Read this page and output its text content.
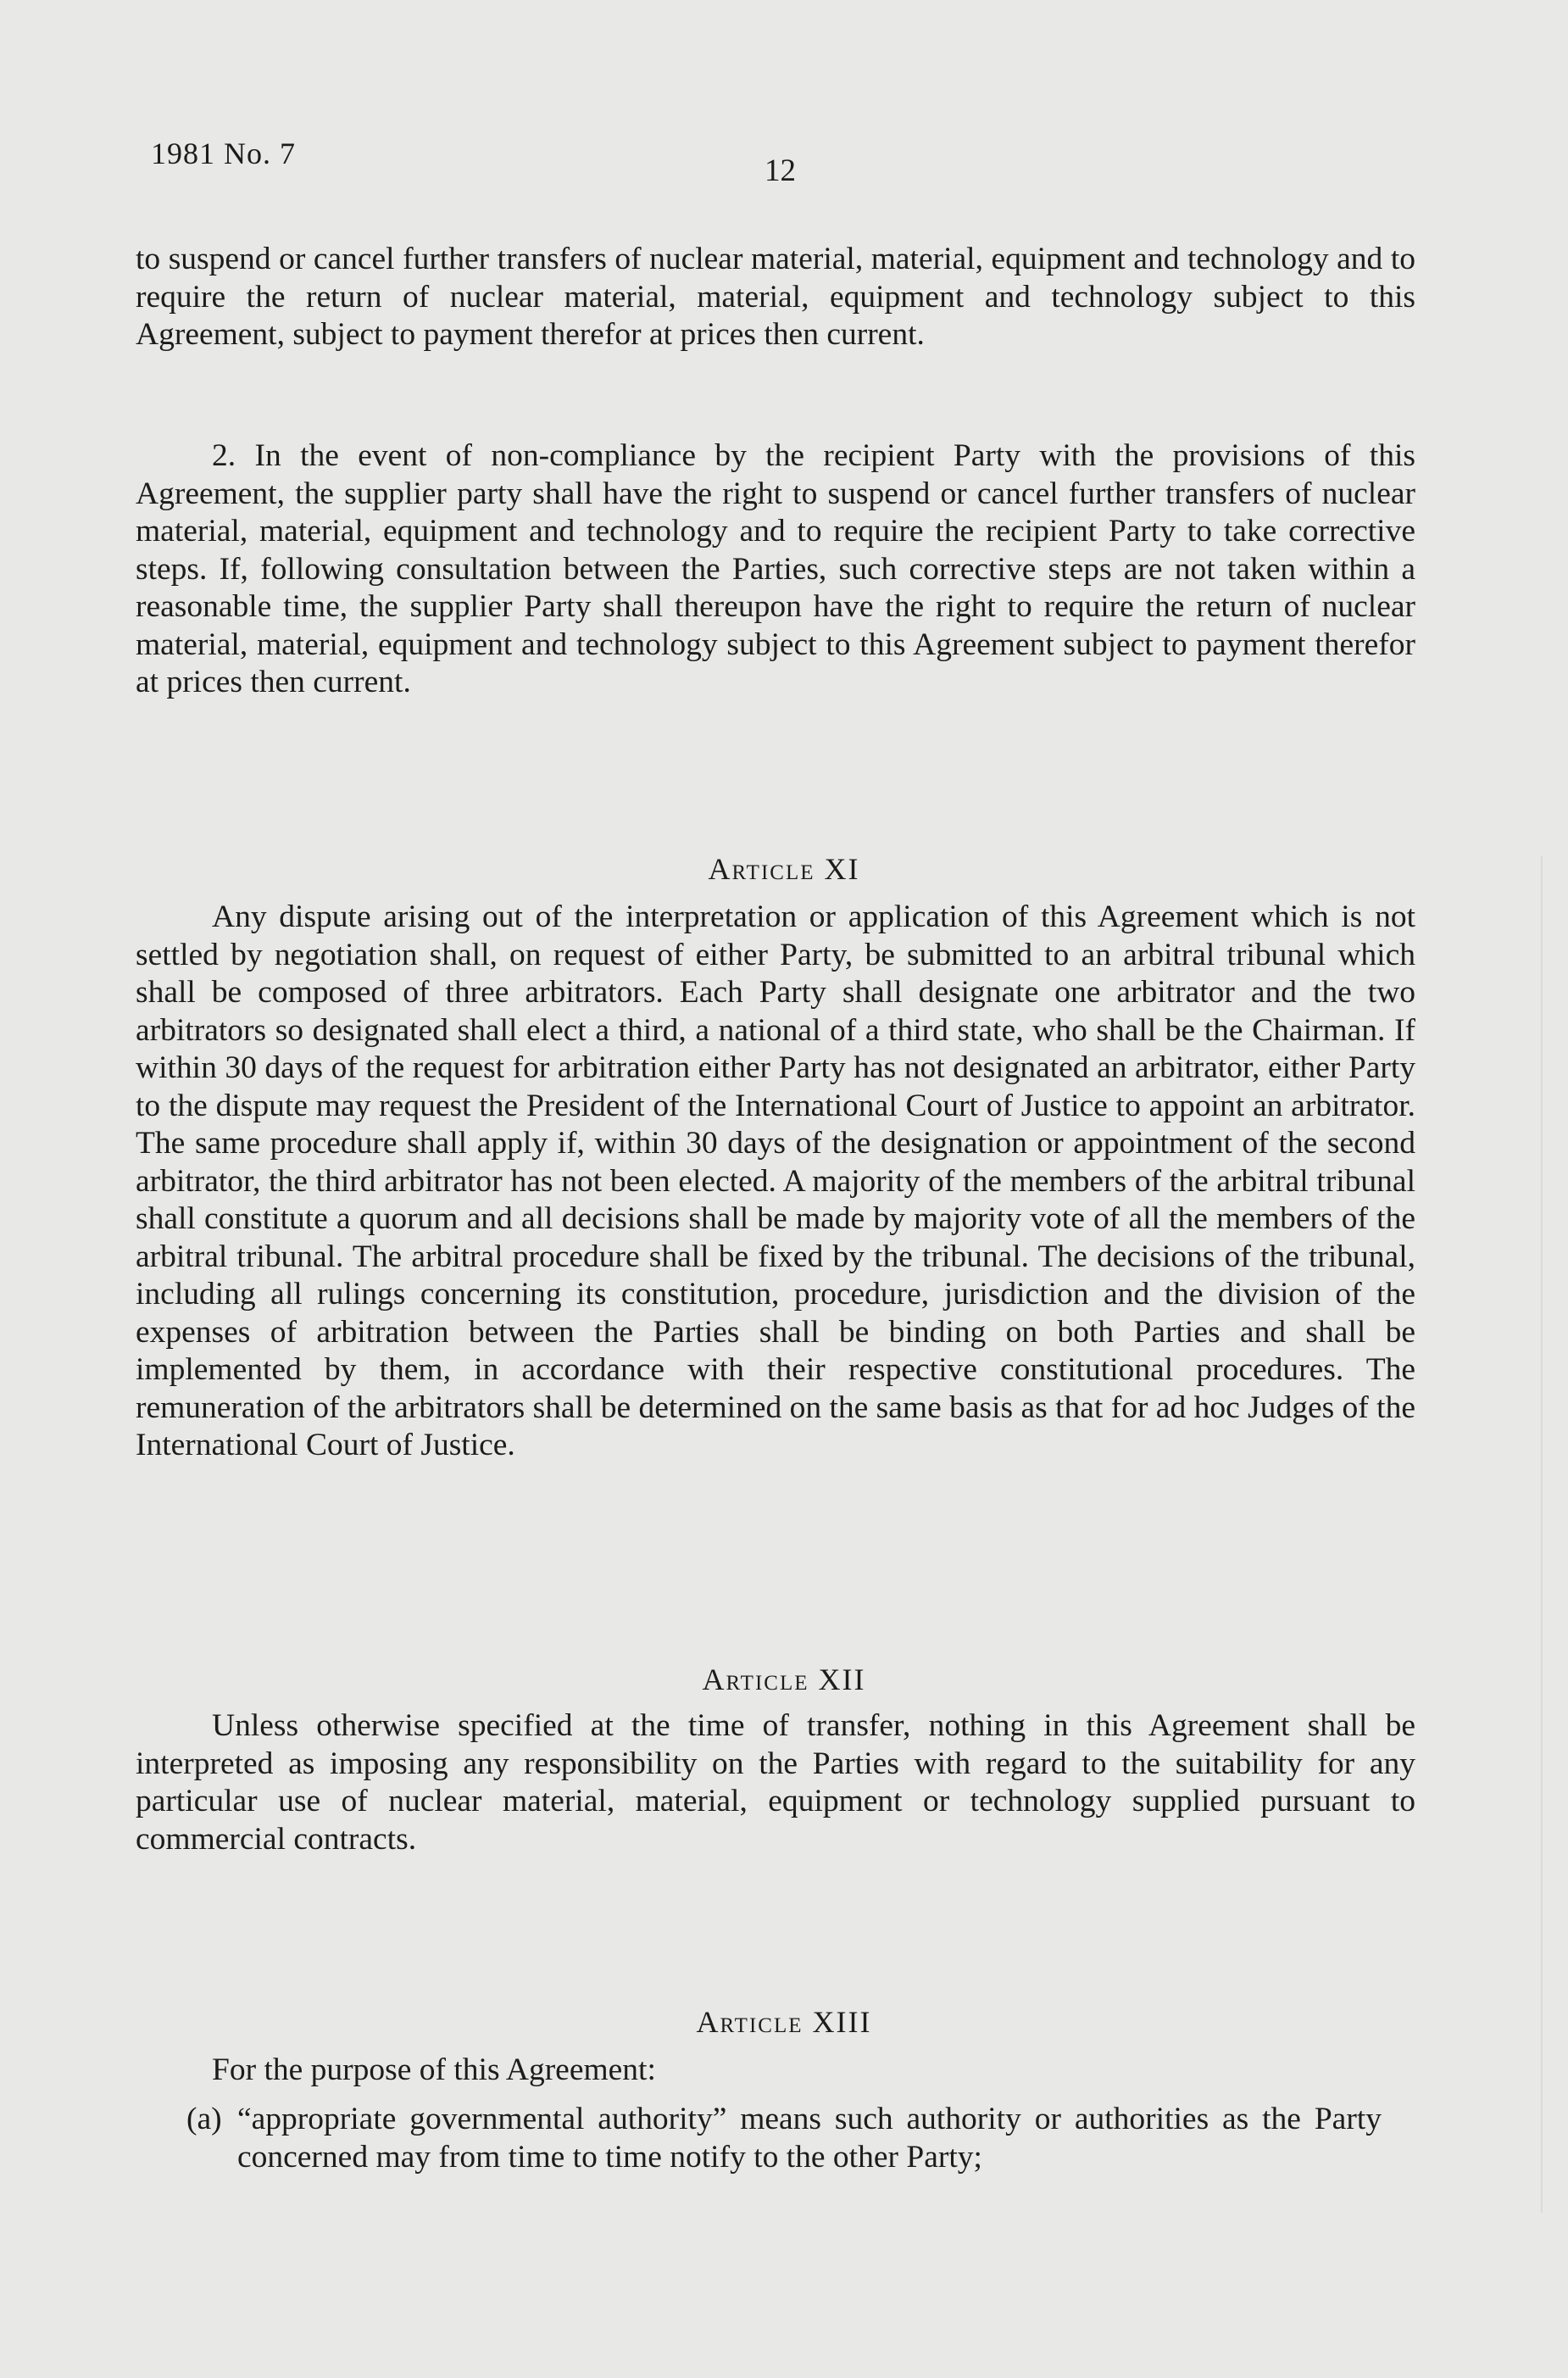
1981 No. 7	12

to suspend or cancel further transfers of nuclear material, material, equipment and technology and to require the return of nuclear material, material, equipment and technology subject to this Agreement, subject to payment therefor at prices then current.

2. In the event of non-compliance by the recipient Party with the provisions of this Agreement, the supplier party shall have the right to suspend or cancel further transfers of nuclear material, material, equipment and technology and to require the recipient Party to take corrective steps. If, following consultation between the Parties, such corrective steps are not taken within a reasonable time, the supplier Party shall thereupon have the right to require the return of nuclear material, material, equipment and technology subject to this Agreement subject to payment therefor at prices then current.

Article XI

Any dispute arising out of the interpretation or application of this Agreement which is not settled by negotiation shall, on request of either Party, be submitted to an arbitral tribunal which shall be composed of three arbitrators. Each Party shall designate one arbitrator and the two arbitrators so designated shall elect a third, a national of a third state, who shall be the Chairman. If within 30 days of the request for arbitration either Party has not designated an arbitrator, either Party to the dispute may request the President of the International Court of Justice to appoint an arbitrator. The same procedure shall apply if, within 30 days of the designation or appointment of the second arbitrator, the third arbitrator has not been elected. A majority of the members of the arbitral tribunal shall constitute a quorum and all decisions shall be made by majority vote of all the members of the arbitral tribunal. The arbitral procedure shall be fixed by the tribunal. The decisions of the tribunal, including all rulings concerning its constitution, procedure, jurisdiction and the division of the expenses of arbitration between the Parties shall be binding on both Parties and shall be implemented by them, in accordance with their respective constitutional procedures. The remuneration of the arbitrators shall be determined on the same basis as that for ad hoc Judges of the International Court of Justice.

Article XII

Unless otherwise specified at the time of transfer, nothing in this Agreement shall be interpreted as imposing any responsibility on the Parties with regard to the suitability for any particular use of nuclear material, material, equipment or technology supplied pursuant to commercial contracts.

Article XIII

For the purpose of this Agreement:

(a) “appropriate governmental authority” means such authority or authorities as the Party concerned may from time to time notify to the other Party;
